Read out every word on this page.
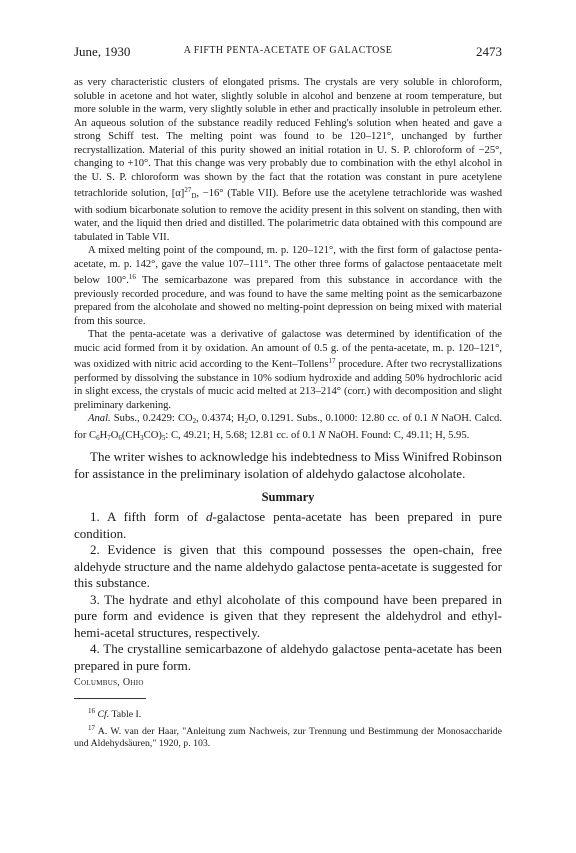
June, 1930	A FIFTH PENTA-ACETATE OF GALACTOSE	2473

as very characteristic clusters of elongated prisms. The crystals are very soluble in chloroform, soluble in acetone and hot water, slightly soluble in alcohol and benzene at room temperature, but more soluble in the warm, very slightly soluble in ether and practically insoluble in petroleum ether. An aqueous solution of the substance readily reduced Fehling's solution when heated and gave a strong Schiff test. The melting point was found to be 120–121°, unchanged by further recrystallization. Material of this purity showed an initial rotation in U. S. P. chloroform of −25°, changing to +10°. That this change was very probably due to combination with the ethyl alcohol in the U. S. P. chloroform was shown by the fact that the rotation was constant in pure acetylene tetrachloride solution, $[\alpha]^{27}_D$, −16° (Table VII). Before use the acetylene tetrachloride was washed with sodium bicarbonate solution to remove the acidity present in this solvent on standing, then with water, and the liquid then dried and distilled. The polarimetric data obtained with this compound are tabulated in Table VII.

A mixed melting point of the compound, m. p. 120–121°, with the first form of galactose penta-acetate, m. p. 142°, gave the value 107–111°. The other three forms of galactose pentaacetate melt below 100°.$^{16}$ The semicarbazone was prepared from this substance in accordance with the previously recorded procedure, and was found to have the same melting point as the semicarbazone prepared from the alcoholate and showed no melting-point depression on being mixed with material from this source.

That the penta-acetate was a derivative of galactose was determined by identification of the mucic acid formed from it by oxidation. An amount of 0.5 g. of the penta-acetate, m. p. 120–121°, was oxidized with nitric acid according to the Kent–Tollens$^{17}$ procedure. After two recrystallizations performed by dissolving the substance in 10% sodium hydroxide and adding 50% hydrochloric acid in slight excess, the crystals of mucic acid melted at 213–214° (corr.) with decomposition and slight preliminary darkening.

Anal. Subs., 0.2429: $CO_2$, 0.4374; $H_2O$, 0.1291. Subs., 0.1000: 12.80 cc. of 0.1 N NaOH. Calcd. for $C_6H_7O_6(CH_3CO)_5$: C, 49.21; H, 5.68; 12.81 cc. of 0.1 N NaOH. Found: C, 49.11; H, 5.95.

The writer wishes to acknowledge his indebtedness to Miss Winifred Robinson for assistance in the preliminary isolation of aldehydo galactose alcoholate.

Summary

1. A fifth form of d-galactose penta-acetate has been prepared in pure condition.

2. Evidence is given that this compound possesses the open-chain, free aldehyde structure and the name aldehydo galactose penta-acetate is suggested for this substance.

3. The hydrate and ethyl alcoholate of this compound have been prepared in pure form and evidence is given that they represent the aldehydrol and ethyl-hemi-acetal structures, respectively.

4. The crystalline semicarbazone of aldehydo galactose penta-acetate has been prepared in pure form.

Columbus, Ohio

$^{16}$ Cf. Table I.

$^{17}$ A. W. van der Haar, "Anleitung zum Nachweis, zur Trennung und Bestimmung der Monosaccharide und Aldehydsäuren," 1920, p. 103.
